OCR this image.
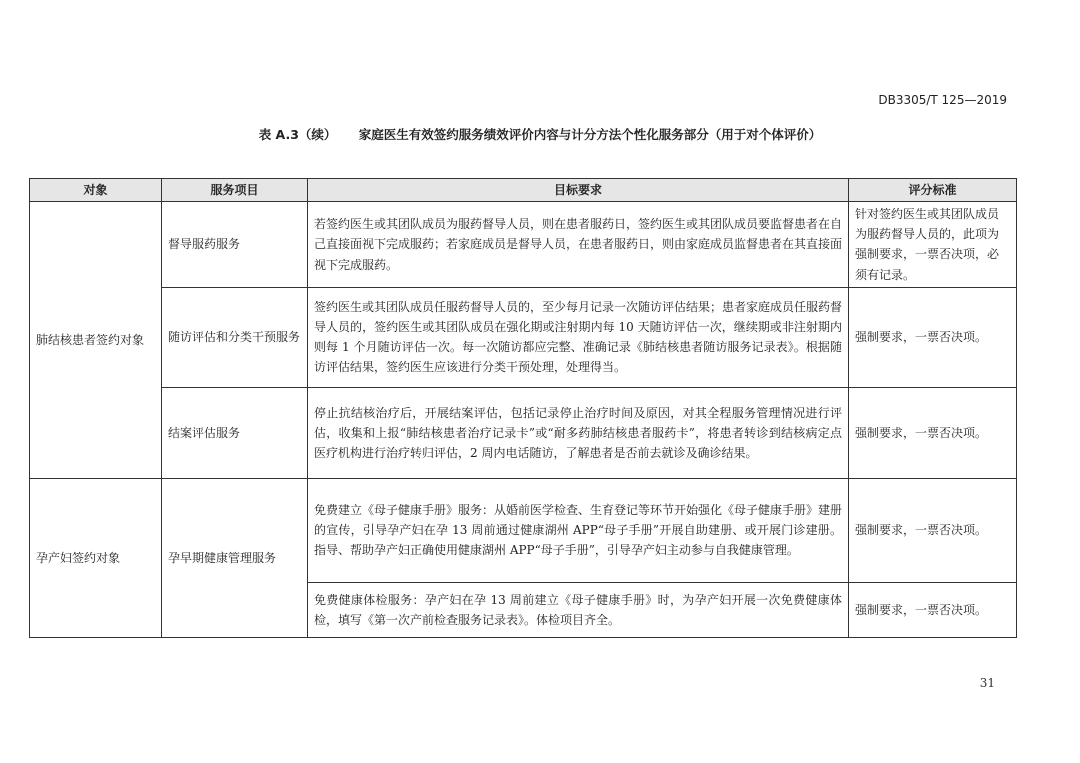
DB3305/T 125—2019
表 A.3（续） 家庭医生有效签约服务绩效评价内容与计分方法个性化服务部分（用于对个体评价）
对象	服务项目	目标要求	评分标准
肺结核患者签约对象	督导服药服务	若签约医生或其团队成员为服药督导人员，则在患者服药日，签约医生或其团队成员要监督患者在自己直接面视下完成服药；若家庭成员是督导人员，在患者服药日，则由家庭成员监督患者在其直接面视下完成服药。	针对签约医生或其团队成员为服药督导人员的，此项为强制要求，一票否决项，必须有记录。
	随访评估和分类干预服务	签约医生或其团队成员任服药督导人员的，至少每月记录一次随访评估结果；患者家庭成员任服药督导人员的，签约医生或其团队成员在强化期或注射期内每 10 天随访评估一次，继续期或非注射期内则每 1 个月随访评估一次。每一次随访都应完整、准确记录《肺结核患者随访服务记录表》。根据随访评估结果，签约医生应该进行分类干预处理，处理得当。	强制要求，一票否决项。
	结案评估服务	停止抗结核治疗后，开展结案评估，包括记录停止治疗时间及原因，对其全程服务管理情况进行评估，收集和上报“肺结核患者治疗记录卡”或“耐多药肺结核患者服药卡”，将患者转诊到结核病定点医疗机构进行治疗转归评估，2 周内电话随访，了解患者是否前去就诊及确诊结果。	强制要求，一票否决项。
孕产妇签约对象	孕早期健康管理服务	免费建立《母子健康手册》服务：从婚前医学检查、生育登记等环节开始强化《母子健康手册》建册的宣传，引导孕产妇在孕 13 周前通过健康湖州 APP“母子手册”开展自助建册、或开展门诊建册。指导、帮助孕产妇正确使用健康湖州 APP“母子手册”，引导孕产妇主动参与自我健康管理。	强制要求，一票否决项。
		免费健康体检服务：孕产妇在孕 13 周前建立《母子健康手册》时，为孕产妇开展一次免费健康体检，填写《第一次产前检查服务记录表》。体检项目齐全。	强制要求，一票否决项。
31
